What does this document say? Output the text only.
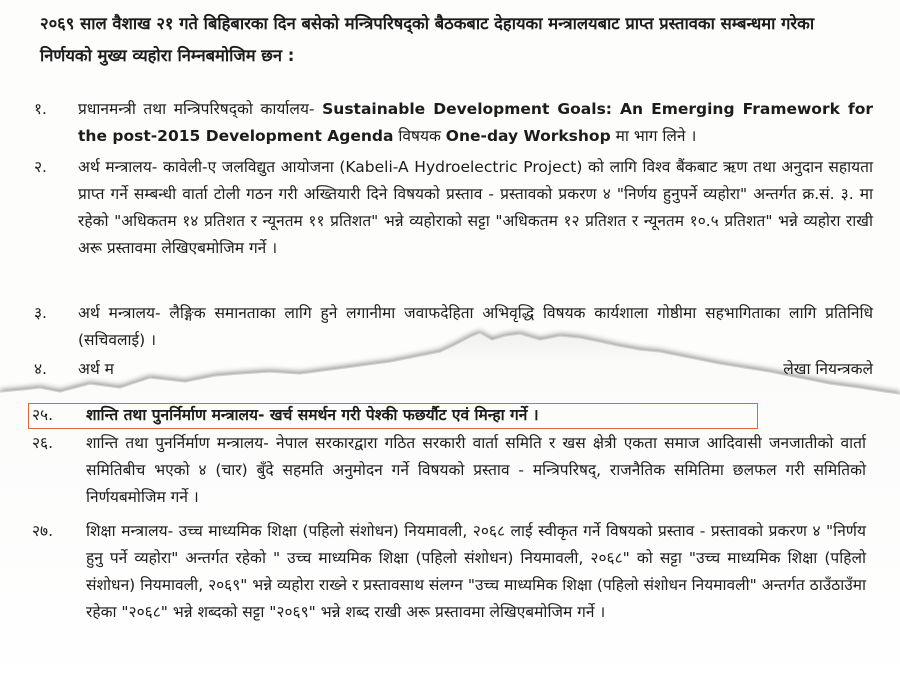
२०६९ साल वैशाख २१ गते बिहिबारका दिन बसेको मन्त्रिपरिषद्को बैठकबाट देहायका मन्त्रालयबाट प्राप्त प्रस्तावका सम्बन्धमा गरेका निर्णयको मुख्य व्यहोरा निम्नबमोजिम छन :
१.	प्रधानमन्त्री तथा मन्त्रिपरिषद्को कार्यालय- Sustainable Development Goals: An Emerging Framework for the post-2015 Development Agenda विषयक One-day Workshop मा भाग लिने ।
२.	अर्थ मन्त्रालय- कावेली-ए जलविद्युत आयोजना (Kabeli-A Hydroelectric Project) को लागि विश्व बैंकबाट ऋण तथा अनुदान सहायता प्राप्त गर्ने सम्बन्धी वार्ता टोली गठन गरी अख्तियारी दिने विषयको प्रस्ताव - प्रस्तावको प्रकरण ४ "निर्णय हुनुपर्ने व्यहोरा" अन्तर्गत क्र.सं. ३. मा रहेको "अधिकतम १४ प्रतिशत र न्यूनतम ११ प्रतिशत" भन्ने व्यहोराको सट्टा "अधिकतम १२ प्रतिशत र न्यूनतम १०.५ प्रतिशत" भन्ने व्यहोरा राखी अरू प्रस्तावमा लेखिएबमोजिम गर्ने ।
३.	अर्थ मन्त्रालय- लैङ्गिक समानताका लागि हुने लगानीमा जवाफदेहिता अभिवृद्धि विषयक कार्यशाला गोष्ठीमा सहभागिताका लागि प्रतिनिधि (सचिवलाई) ।
४.	अर्थ म	लेखा नियन्त्रकले
२५.	शान्ति तथा पुनर्निर्माण मन्त्रालय- खर्च समर्थन गरी पेश्की फछर्यौट एवं मिन्हा गर्ने ।
२६.	शान्ति तथा पुनर्निर्माण मन्त्रालय- नेपाल सरकारद्वारा गठित सरकारी वार्ता समिति र खस क्षेत्री एकता समाज आदिवासी जनजातीको वार्ता समितिबीच भएको ४ (चार) बुँदे सहमति अनुमोदन गर्ने विषयको प्रस्ताव - मन्त्रिपरिषद्, राजनैतिक समितिमा छलफल गरी समितिको निर्णयबमोजिम गर्ने ।
२७.	शिक्षा मन्त्रालय- उच्च माध्यमिक शिक्षा (पहिलो संशोधन) नियमावली, २०६८ लाई स्वीकृत गर्ने विषयको प्रस्ताव - प्रस्तावको प्रकरण ४ "निर्णय हुनु पर्ने व्यहोरा" अन्तर्गत रहेको " उच्च माध्यमिक शिक्षा (पहिलो संशोधन) नियमावली, २०६८" को सट्टा "उच्च माध्यमिक शिक्षा (पहिलो संशोधन) नियमावली, २०६९" भन्ने व्यहोरा राख्ने र प्रस्तावसाथ संलग्न "उच्च माध्यमिक शिक्षा (पहिलो संशोधन नियमावली" अन्तर्गत ठाउँठाउँमा रहेका "२०६८" भन्ने शब्दको सट्टा "२०६९" भन्ने शब्द राखी अरू प्रस्तावमा लेखिएबमोजिम गर्ने ।
